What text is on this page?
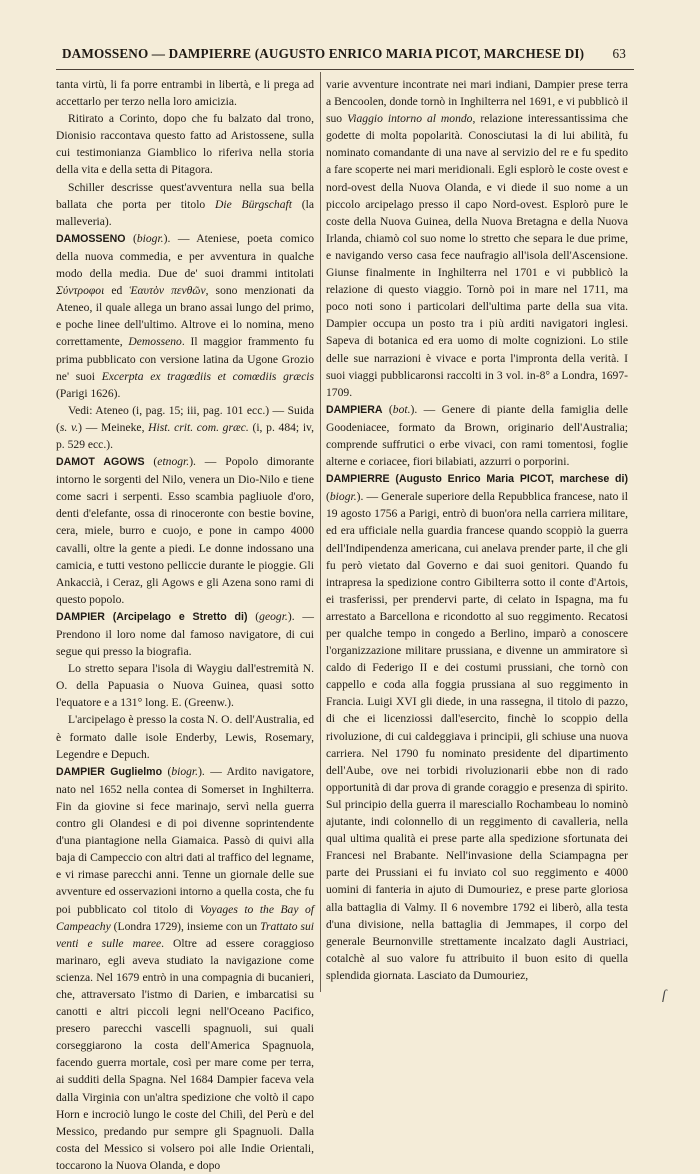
DAMOSSENO — DAMPIERRE (AUGUSTO ENRICO MARIA PICOT, MARCHESE DI) 63

tanta virtù, li fa porre entrambi in libertà, e li prega ad accettarlo per terzo nella loro amicizia.

Ritirato a Corinto, dopo che fu balzato dal trono, Dionisio raccontava questo fatto ad Aristossene, sulla cui testimonianza Giamblico lo riferiva nella storia della vita e della setta di Pitagora.

Schiller descrisse quest'avventura nella sua bella ballata che porta per titolo Die Bürgschaft (la malleveria).

DAMOSSENO (biogr.). — Ateniese, poeta comico della nuova commedia, e per avventura in qualche modo della media. Due de' suoi drammi intitolati Σύντροφοι ed Ἑαυτὸν πενθῶν, sono menzionati da Ateneo, il quale allega un brano assai lungo del primo, e poche linee dell'ultimo. Altrove ei lo nomina, meno correttamente, Demosseno. Il maggior frammento fu prima pubblicato con versione latina da Ugone Grozio ne' suoi Excerpta ex tragœdiis et comœdiis græcis (Parigi 1626).

Vedi: Ateneo (i, pag. 15; iii, pag. 101 ecc.) — Suida (s. v.) — Meineke, Hist. crit. com. græc. (i, p. 484; iv, p. 529 ecc.).

DAMOT AGOWS (etnogr.). — Popolo dimorante intorno le sorgenti del Nilo, venera un Dio-Nilo e tiene come sacri i serpenti. Esso scambia pagliuole d'oro, denti d'elefante, ossa di rinoceronte con bestie bovine, cera, miele, burro e cuojo, e pone in campo 4000 cavalli, oltre la gente a piedi. Le donne indossano una camicia, e tutti vestono pelliccie durante le pioggie. Gli Ankaccià, i Ceraz, gli Agows e gli Azena sono rami di questo popolo.

DAMPIER (Arcipelago e Stretto di) (geogr.). — Prendono il loro nome dal famoso navigatore, di cui segue qui presso la biografia.

Lo stretto separa l'isola di Waygiu dall'estremità N. O. della Papuasia o Nuova Guinea, quasi sotto l'equatore e a 131° long. E. (Greenw.).

L'arcipelago è presso la costa N. O. dell'Australia, ed è formato dalle isole Enderby, Lewis, Rosemary, Legendre e Depuch.

DAMPIER Guglielmo (biogr.). — Ardito navigatore, nato nel 1652 nella contea di Somerset in Inghilterra. Fin da giovine si fece marinajo, servì nella guerra contro gli Olandesi e di poi divenne soprintendente d'una piantagione nella Giamaica. Passò di quivi alla baja di Campeccio con altri dati al traffico del legname, e vi rimase parecchi anni. Tenne un giornale delle sue avventure ed osservazioni intorno a quella costa, che fu poi pubblicato col titolo di Voyages to the Bay of Campeachy (Londra 1729), insieme con un Trattato sui venti e sulle maree. Oltre ad essere coraggioso marinaro, egli aveva studiato la navigazione come scienza. Nel 1679 entrò in una compagnia di bucanieri, che, attraversato l'istmo di Darien, e imbarcatisi su canotti e altri piccoli legni nell'Oceano Pacifico, presero parecchi vascelli spagnuoli, sui quali corseggiarono la costa dell'America Spagnuola, facendo guerra mortale, così per mare come per terra, ai sudditi della Spagna. Nel 1684 Dampier faceva vela dalla Virginia con un'altra spedizione che voltò il capo Horn e incrociò lungo le coste del Chilì, del Perù e del Messico, predando pur sempre gli Spagnuoli. Dalla costa del Messico si volsero poi alle Indie Orientali, toccarono la Nuova Olanda, e dopo

varie avventure incontrate nei mari indiani, Dampier prese terra a Bencoolen, donde tornò in Inghilterra nel 1691, e vi pubblicò il suo Viaggio intorno al mondo, relazione interessantissima che godette di molta popolarità. Conosciutasi la di lui abilità, fu nominato comandante di una nave al servizio del re e fu spedito a fare scoperte nei mari meridionali. Egli esplorò le coste ovest e nord-ovest della Nuova Olanda, e vi diede il suo nome a un piccolo arcipelago presso il capo Nord-ovest. Esplorò pure le coste della Nuova Guinea, della Nuova Bretagna e della Nuova Irlanda, chiamò col suo nome lo stretto che separa le due prime, e navigando verso casa fece naufragio all'isola dell'Ascensione. Giunse finalmente in Inghilterra nel 1701 e vi pubblicò la relazione di questo viaggio. Tornò poi in mare nel 1711, ma poco noti sono i particolari dell'ultima parte della sua vita. Dampier occupa un posto tra i più arditi navigatori inglesi. Sapeva di botanica ed era uomo di molte cognizioni. Lo stile delle sue narrazioni è vivace e porta l'impronta della verità. I suoi viaggi pubblicaronsi raccolti in 3 vol. in-8° a Londra, 1697-1709.

DAMPIERA (bot.). — Genere di piante della famiglia delle Goodeniacee, formato da Brown, originario dell'Australia; comprende suffrutici o erbe vivaci, con rami tomentosi, foglie alterne e coriacee, fiori bilabiati, azzurri o porporini.

DAMPIERRE (Augusto Enrico Maria PICOT, marchese di) (biogr.). — Generale superiore della Repubblica francese, nato il 19 agosto 1756 a Parigi, entrò di buon'ora nella carriera militare, ed era ufficiale nella guardia francese quando scoppiò la guerra dell'Indipendenza americana, cui anelava prender parte, il che gli fu però vietato dal Governo e dai suoi genitori. Quando fu intrapresa la spedizione contro Gibilterra sotto il conte d'Artois, ei trasferissi, per prendervi parte, di celato in Ispagna, ma fu arrestato a Barcellona e ricondotto al suo reggimento. Recatosi per qualche tempo in congedo a Berlino, imparò a conoscere l'organizzazione militare prussiana, e divenne un ammiratore sì caldo di Federigo II e dei costumi prussiani, che tornò con cappello e coda alla foggia prussiana al suo reggimento in Francia. Luigi XVI gli diede, in una rassegna, il titolo di pazzo, di che ei licenziossi dall'esercito, finchè lo scoppio della rivoluzione, di cui caldeggiava i principii, gli schiuse una nuova carriera. Nel 1790 fu nominato presidente del dipartimento dell'Aube, ove nei torbidi rivoluzionarii ebbe non di rado opportunità di dar prova di grande coraggio e presenza di spirito. Sul principio della guerra il maresciallo Rochambeau lo nominò ajutante, indi colonnello di un reggimento di cavalleria, nella qual ultima qualità ei prese parte alla spedizione sfortunata dei Francesi nel Brabante. Nell'invasione della Sciampagna per parte dei Prussiani ei fu inviato col suo reggimento e 4000 uomini di fanteria in ajuto di Dumouriez, e prese parte gloriosa alla battaglia di Valmy. Il 6 novembre 1792 ei liberò, alla testa d'una divisione, nella battaglia di Jemmapes, il corpo del generale Beurnonville strettamente incalzato dagli Austriaci, cotalchè al suo valore fu attribuito il buon esito di quella splendida giornata. Lasciato da Dumouriez,

ſ
